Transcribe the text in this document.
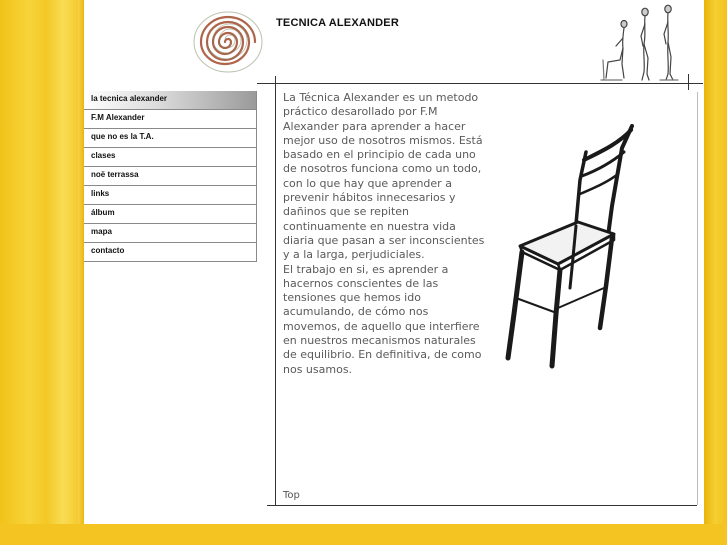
TECNICA ALEXANDER
la tecnica alexander
F.M Alexander
que no es la T.A.
clases
noë terrassa
links
álbum
mapa
contacto

La Técnica Alexander es un metodo práctico desarollado por F.M Alexander para aprender a hacer mejor uso de nosotros mismos. Está basado en el principio de cada uno de nosotros funciona como un todo, con lo que hay que aprender a prevenir hábitos innecesarios y dañinos que se repiten continuamente en nuestra vida diaria que pasan a ser inconscientes y a la larga, perjudiciales.

El trabajo en si, es aprender a hacernos conscientes de las tensiones que hemos ido acumulando, de cómo nos movemos, de aquello que interfiere en nuestros mecanismos naturales de equilibrio. En definitiva, de como nos usamos.

Top
